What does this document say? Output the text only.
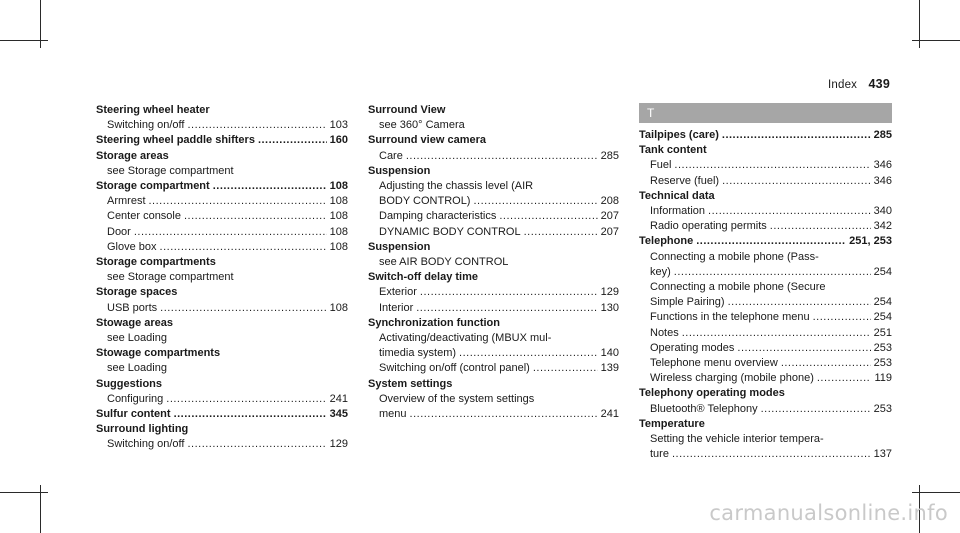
Index 439
Steering wheel heater
Switching on/off .....	103
Steering wheel paddle shifters .....	160
Storage areas
see Storage compartment
Storage compartment .....	108
Armrest .....	108
Center console .....	108
Door .....	108
Glove box .....	108
Storage compartments
see Storage compartment
Storage spaces
USB ports .....	108
Stowage areas
see Loading
Stowage compartments
see Loading
Suggestions
Configuring .....	241
Sulfur content .....	345
Surround lighting
Switching on/off .....	129
Surround View
see 360° Camera
Surround view camera
Care .....	285
Suspension
Adjusting the chassis level (AIR
BODY CONTROL) .....	208
Damping characteristics .....	207
DYNAMIC BODY CONTROL .....	207
Suspension
see AIR BODY CONTROL
Switch-off delay time
Exterior .....	129
Interior .....	130
Synchronization function
Activating/deactivating (MBUX mul-
timedia system) .....	140
Switching on/off (control panel) .....	139
System settings
Overview of the system settings
menu .....	241
T
Tailpipes (care) .....	285
Tank content
Fuel .....	346
Reserve (fuel) .....	346
Technical data
Information .....	340
Radio operating permits .....	342
Telephone .....	251, 253
Connecting a mobile phone (Pass-
key) .....	254
Connecting a mobile phone (Secure
Simple Pairing) .....	254
Functions in the telephone menu .....	254
Notes .....	251
Operating modes .....	253
Telephone menu overview .....	253
Wireless charging (mobile phone) .....	119
Telephony operating modes
Bluetooth® Telephony .....	253
Temperature
Setting the vehicle interior tempera-
ture .....	137
carmanualsonline.info
